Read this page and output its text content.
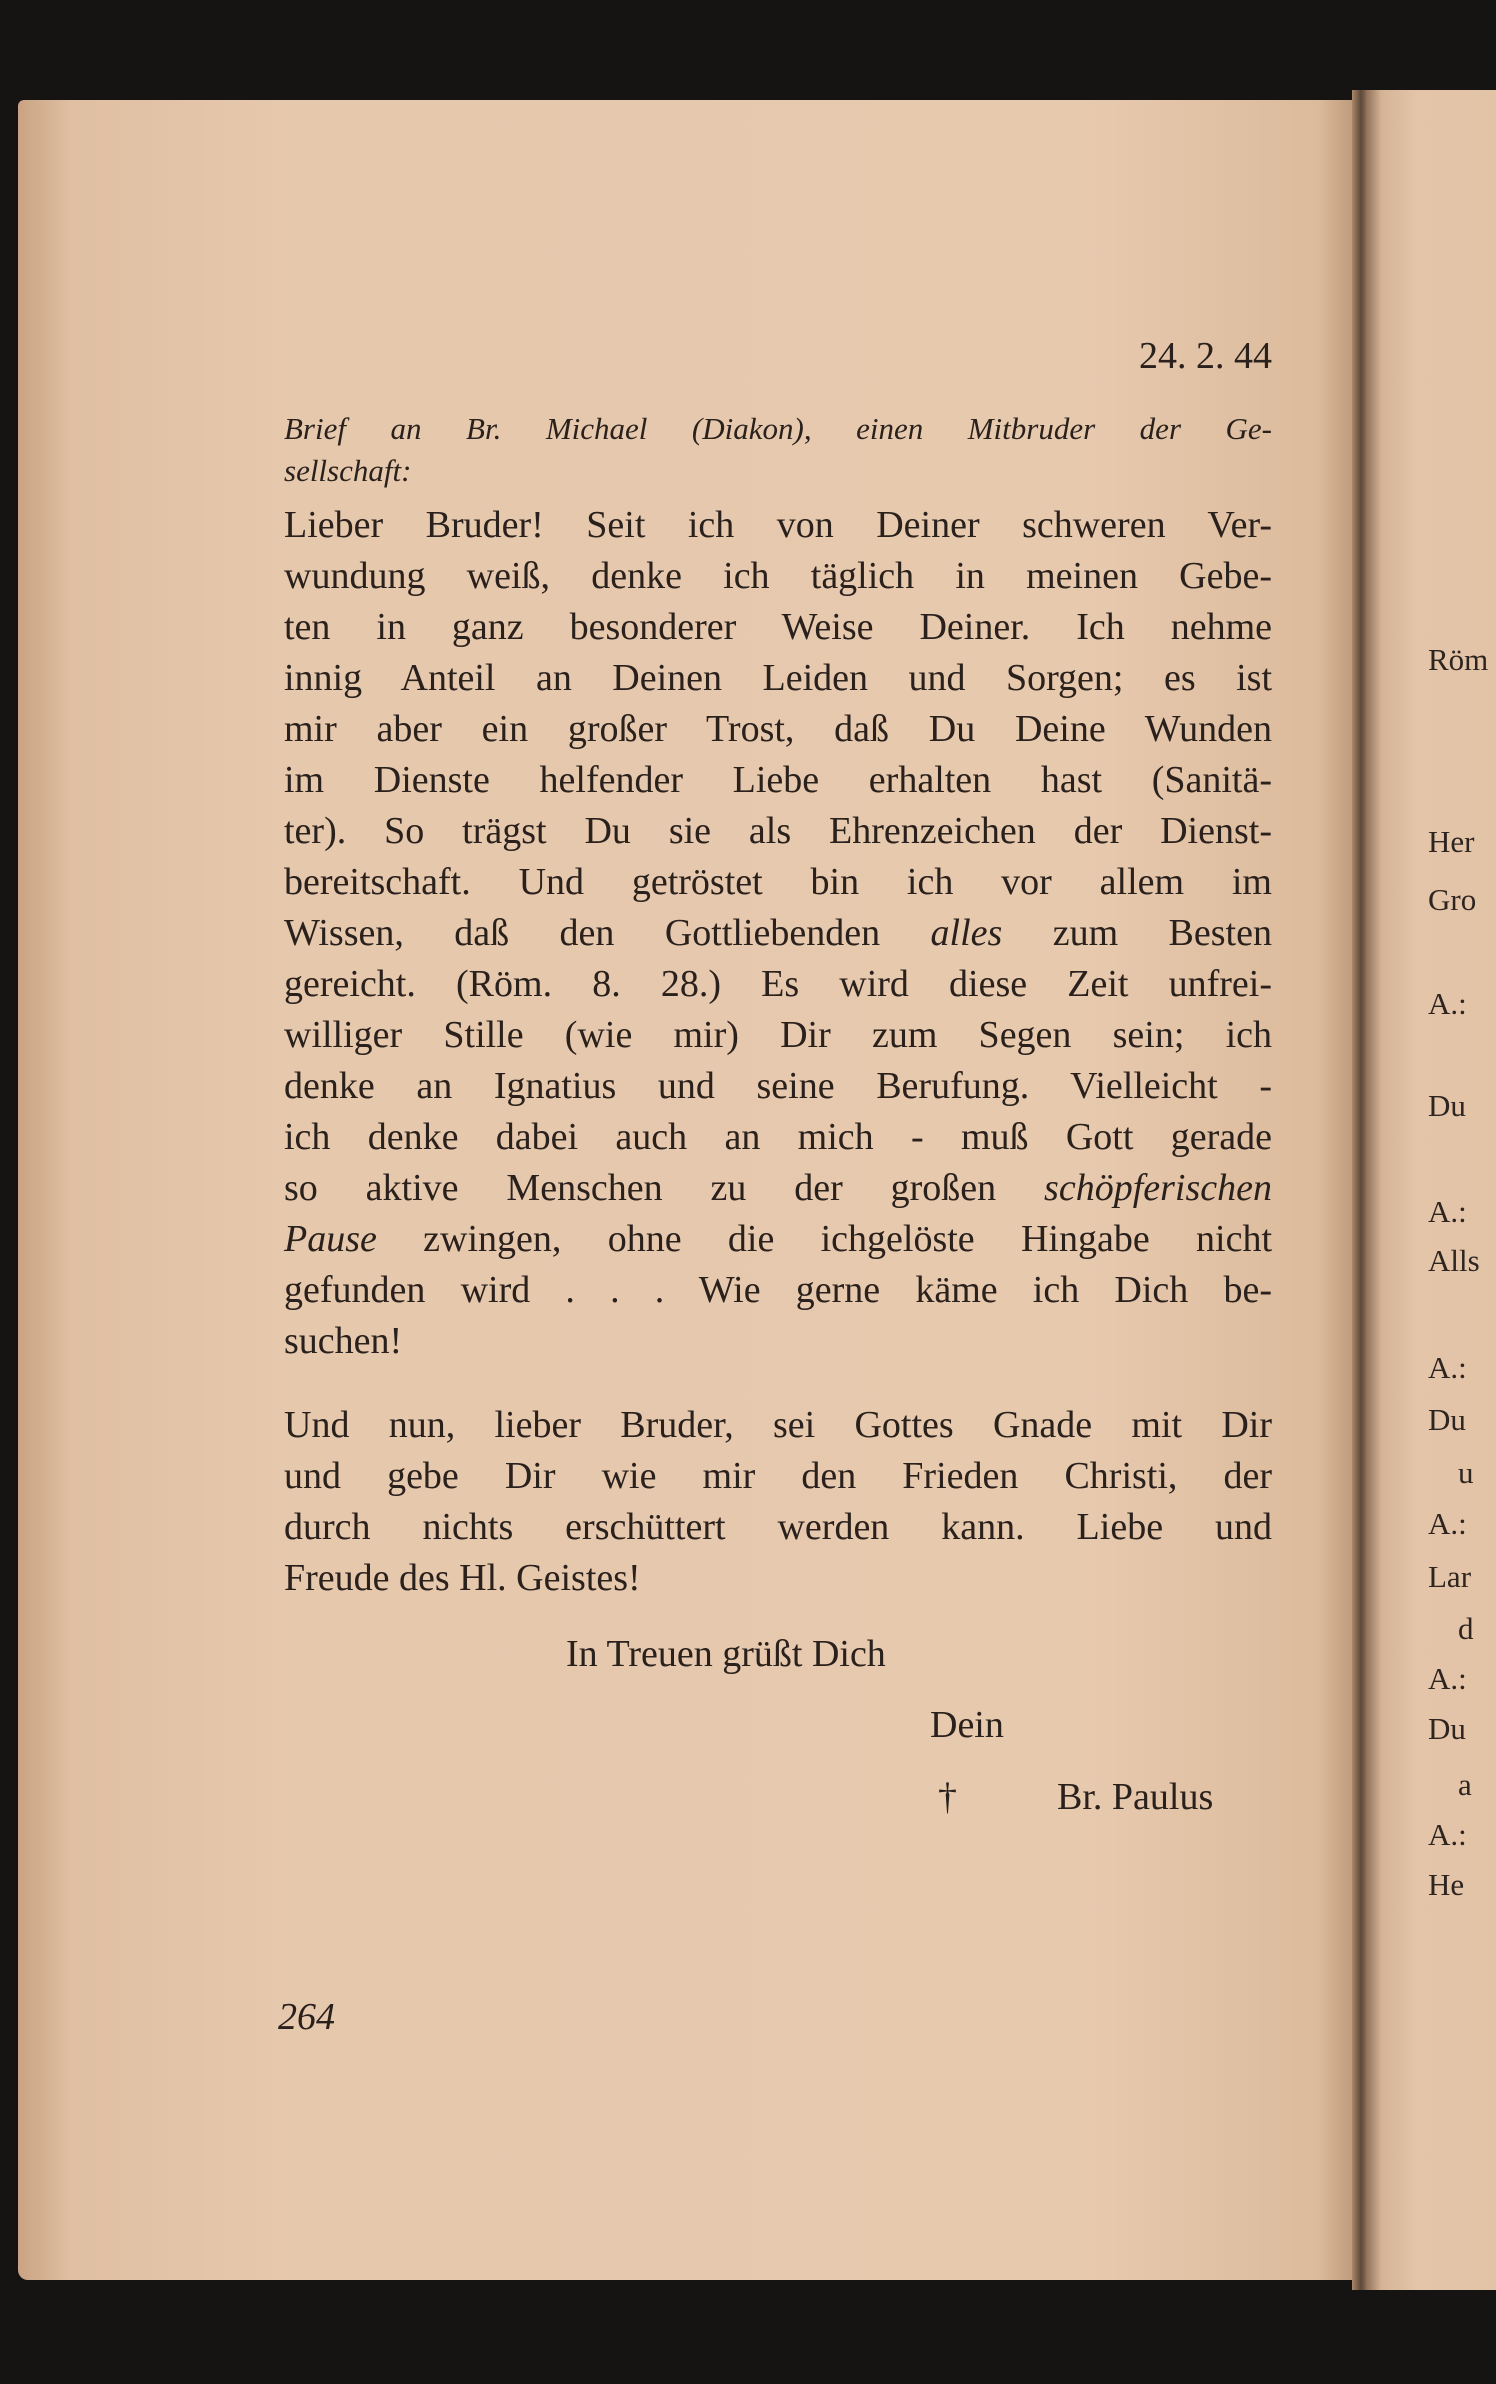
24. 2. 44
Brief an Br. Michael (Diakon), einen Mitbruder der Ge-
sellschaft:
Lieber Bruder! Seit ich von Deiner schweren Ver-
wundung weiß, denke ich täglich in meinen Gebe-
ten in ganz besonderer Weise Deiner. Ich nehme
innig Anteil an Deinen Leiden und Sorgen; es ist
mir aber ein großer Trost, daß Du Deine Wunden
im Dienste helfender Liebe erhalten hast (Sanitä-
ter). So trägst Du sie als Ehrenzeichen der Dienst-
bereitschaft. Und getröstet bin ich vor allem im
Wissen, daß den Gottliebenden alles zum Besten
gereicht. (Röm. 8. 28.) Es wird diese Zeit unfrei-
williger Stille (wie mir) Dir zum Segen sein; ich
denke an Ignatius und seine Berufung. Vielleicht -
ich denke dabei auch an mich - muß Gott gerade
so aktive Menschen zu der großen schöpferischen
Pause zwingen, ohne die ichgelöste Hingabe nicht
gefunden wird . . . Wie gerne käme ich Dich be-
suchen!
Und nun, lieber Bruder, sei Gottes Gnade mit Dir
und gebe Dir wie mir den Frieden Christi, der
durch nichts erschüttert werden kann. Liebe und
Freude des Hl. Geistes!
In Treuen grüßt Dich
Dein
†	Br. Paulus
264
Röm
Her
Gro
A.:
Du
A.:
Alls
A.:
Du
u
A.:
Lar
d
A.:
Du
a
A.:
He
